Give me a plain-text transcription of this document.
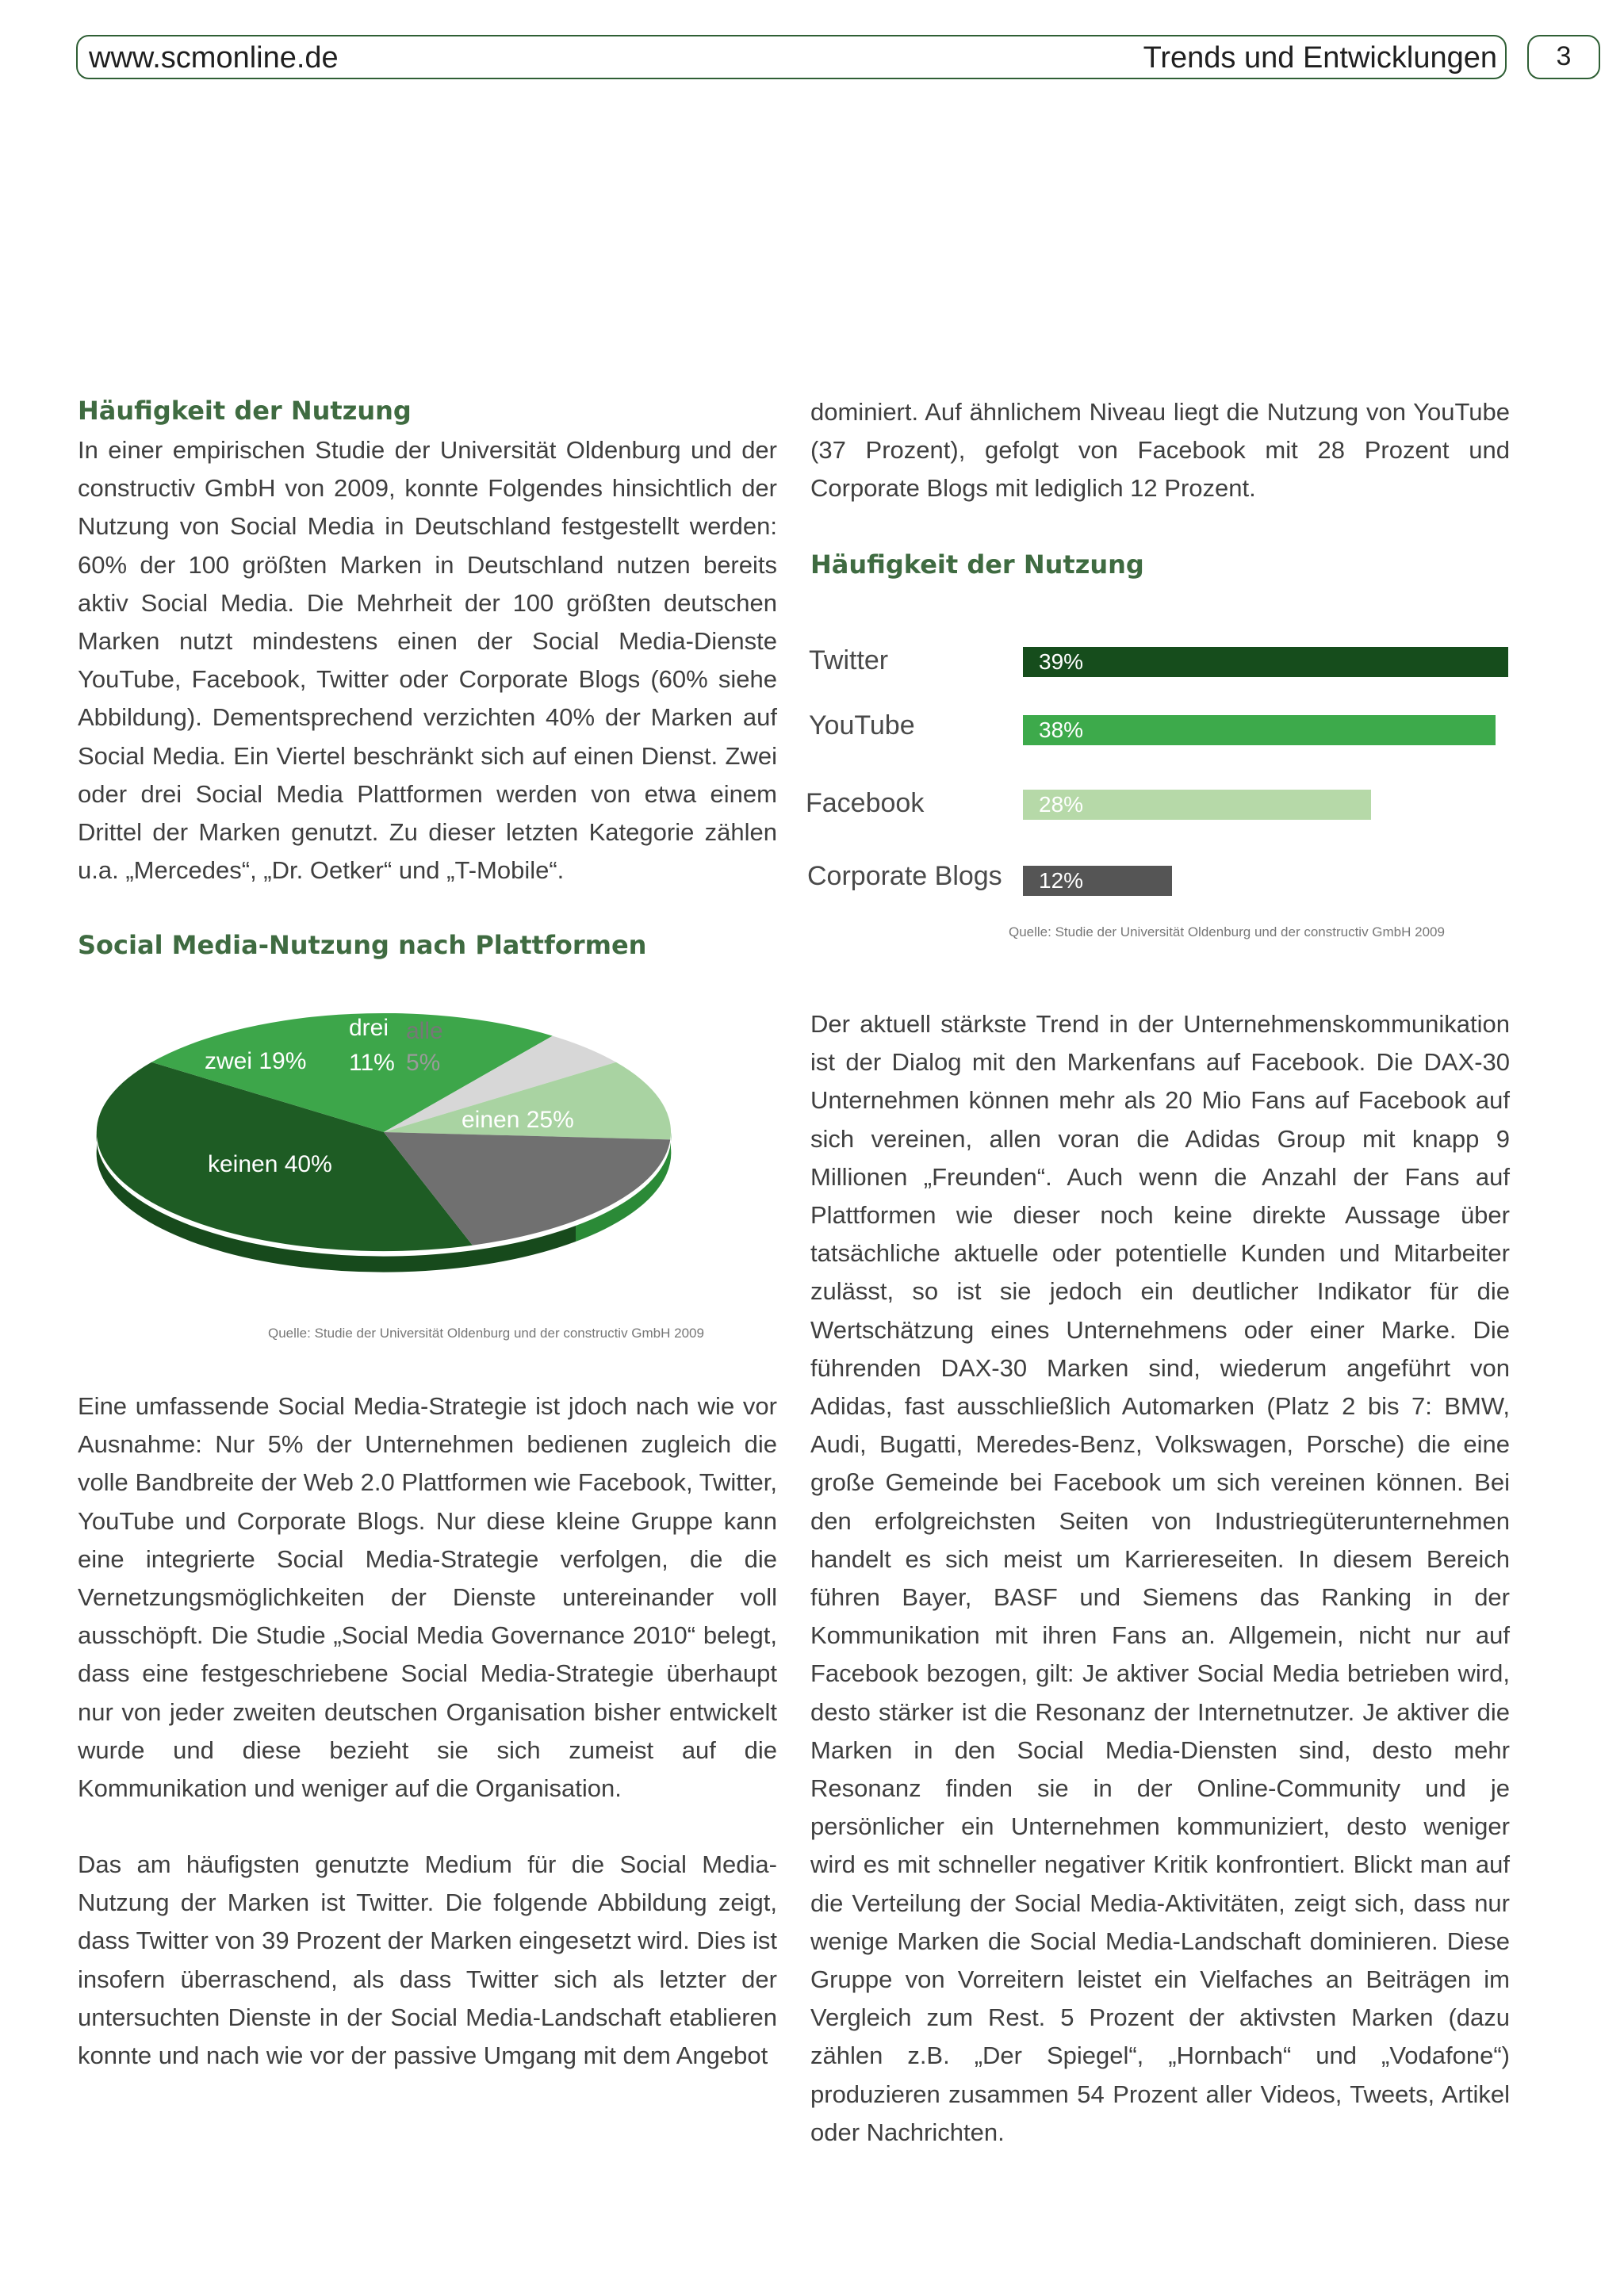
www.scmonline.de	Trends und Entwicklungen	3
Häufigkeit der Nutzung

In einer empirischen Studie der Universität Oldenburg und der constructiv GmbH von 2009, konnte Folgendes hinsichtlich der Nutzung von Social Media in Deutschland festgestellt werden: 60% der 100 größten Marken in Deutschland nutzen bereits aktiv Social Media. Die Mehrheit der 100 größten deutschen Marken nutzt mindestens einen der Social Media-Dienste YouTube, Facebook, Twitter oder Corporate Blogs (60% siehe Abbildung). Dementsprechend verzichten 40% der Marken auf Social Media. Ein Viertel beschränkt sich auf einen Dienst. Zwei oder drei Social Media Plattformen werden von etwa einem Drittel der Marken genutzt. Zu dieser letzten Kategorie zählen u.a. „Mercedes“, „Dr. Oetker“ und „T-Mobile“.

Social Media-Nutzung nach Plattformen
zwei 19%
drei
11%
alle
5%
einen 25%
keinen 40%
Quelle: Studie der Universität Oldenburg und der constructiv GmbH 2009

Eine umfassende Social Media-Strategie ist jdoch nach wie vor Ausnahme: Nur 5% der Unternehmen bedienen zugleich die volle Bandbreite der Web 2.0 Plattformen wie Facebook, Twitter, YouTube und Corporate Blogs. Nur diese kleine Gruppe kann eine integrierte Social Media-Strategie verfolgen, die die Vernetzungsmöglichkeiten der Dienste untereinander voll ausschöpft. Die Studie „Social Media Governance 2010“ belegt, dass eine festgeschriebene Social Media-Strategie überhaupt nur von jeder zweiten deutschen Organisation bisher entwickelt wurde und diese bezieht sie sich zumeist auf die Kommunikation und weniger auf die Organisation.

Das am häufigsten genutzte Medium für die Social Media-Nutzung der Marken ist Twitter. Die folgende Abbildung zeigt, dass Twitter von 39 Prozent der Marken eingesetzt wird. Dies ist insofern überraschend, als dass Twitter sich als letzter der untersuchten Dienste in der Social Media-Landschaft etablieren konnte und nach wie vor der passive Umgang mit dem Angebot

dominiert. Auf ähnlichem Niveau liegt die Nutzung von YouTube (37 Prozent), gefolgt von Facebook mit 28 Prozent und Corporate Blogs mit lediglich 12 Prozent.

Häufigkeit der Nutzung
Twitter
YouTube
Facebook
Corporate Blogs
39%
38%
28%
12%
Quelle: Studie der Universität Oldenburg und der constructiv GmbH 2009

Der aktuell stärkste Trend in der Unternehmenskommunikation ist der Dialog mit den Markenfans auf Facebook. Die DAX-30 Unternehmen können mehr als 20 Mio Fans auf Facebook auf sich vereinen, allen voran die Adidas Group mit knapp 9 Millionen „Freunden“. Auch wenn die Anzahl der Fans auf Plattformen wie dieser noch keine direkte Aussage über tatsächliche aktuelle oder potentielle Kunden und Mitarbeiter zulässt, so ist sie jedoch ein deutlicher Indikator für die Wertschätzung eines Unternehmens oder einer Marke. Die führenden DAX-30 Marken sind, wiederum angeführt von Adidas, fast ausschließlich Automarken (Platz 2 bis 7: BMW, Audi, Bugatti, Meredes-Benz, Volkswagen, Porsche) die eine große Gemeinde bei Facebook um sich vereinen können. Bei den erfolgreichsten Seiten von Industriegüterunternehmen handelt es sich meist um Karriereseiten. In diesem Bereich führen Bayer, BASF und Siemens das Ranking in der Kommunikation mit ihren Fans an. Allgemein, nicht nur auf Facebook bezogen, gilt: Je aktiver Social Media betrieben wird, desto stärker ist die Resonanz der Internetnutzer. Je aktiver die Marken in den Social Media-Diensten sind, desto mehr Resonanz finden sie in der Online-Community und je persönlicher ein Unternehmen kommuniziert, desto weniger wird es mit schneller negativer Kritik konfrontiert. Blickt man auf die Verteilung der Social Media-Aktivitäten, zeigt sich, dass nur wenige Marken die Social Media-Landschaft dominieren. Diese Gruppe von Vorreitern leistet ein Vielfaches an Beiträgen im Vergleich zum Rest. 5 Prozent der aktivsten Marken (dazu zählen z.B. „Der Spiegel“, „Hornbach“ und „Vodafone“) produzieren zusammen 54 Prozent aller Videos, Tweets, Artikel oder Nachrichten.
